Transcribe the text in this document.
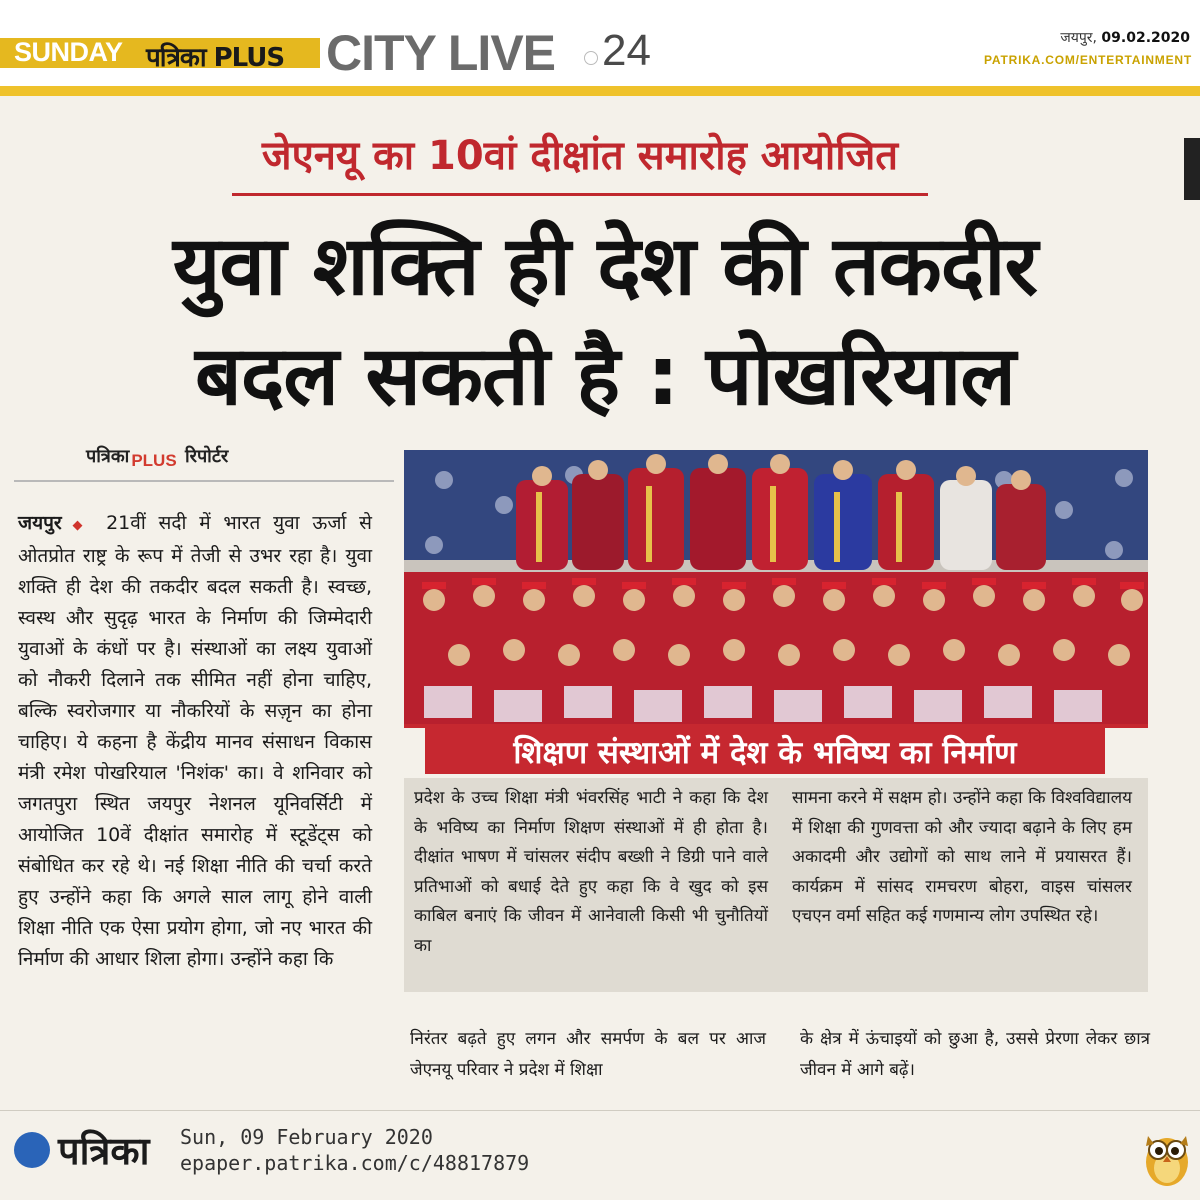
SUNDAY पत्रिका PLUS CITY LIVE 24	जयपुर, 09.02.2020
PATRIKA.COM/ENTERTAINMENT
जेएनयू का 10वां दीक्षांत समारोह आयोजित
युवा शक्ति ही देश की तकदीर
बदल सकती है : पोखरियाल
पत्रिका PLUS रिपोर्टर
जयपुर ◆ 21वीं सदी में भारत युवा ऊर्जा से ओतप्रोत राष्ट्र के रूप में तेजी से उभर रहा है। युवा शक्ति ही देश की तकदीर बदल सकती है। स्वच्छ, स्वस्थ और सुदृढ़ भारत के निर्माण की जिम्मेदारी युवाओं के कंधों पर है। संस्थाओं का लक्ष्य युवाओं को नौकरी दिलाने तक सीमित नहीं होना चाहिए, बल्कि स्वरोजगार या नौकरियों के सज़ृन का होना चाहिए। ये कहना है केंद्रीय मानव संसाधन विकास मंत्री रमेश पोखरियाल 'निशंक' का। वे शनिवार को जगतपुरा स्थित जयपुर नेशनल यूनिवर्सिटी में आयोजित 10वें दीक्षांत समारोह में स्टूडेंट्स को संबोधित कर रहे थे। नई शिक्षा नीति की चर्चा करते हुए उन्होंने कहा कि अगले साल लागू होने वाली शिक्षा नीति एक ऐसा प्रयोग होगा, जो नए भारत की निर्माण की आधार शिला होगा। उन्होंने कहा कि
शिक्षण संस्थाओं में देश के भविष्य का निर्माण
प्रदेश के उच्च शिक्षा मंत्री भंवरसिंह भाटी ने कहा कि देश के भविष्य का निर्माण शिक्षण संस्थाओं में ही होता है। दीक्षांत भाषण में चांसलर संदीप बख्शी ने डिग्री पाने वाले प्रतिभाओं को बधाई देते हुए कहा कि वे खुद को इस काबिल बनाएं कि जीवन में आनेवाली किसी भी चुनौतियों का
सामना करने में सक्षम हो। उन्होंने कहा कि विश्वविद्यालय में शिक्षा की गुणवत्ता को और ज्यादा बढ़ाने के लिए हम अकादमी और उद्योगों को साथ लाने में प्रयासरत हैं। कार्यक्रम में सांसद रामचरण बोहरा, वाइस चांसलर एचएन वर्मा सहित कई गणमान्य लोग उपस्थित रहे।
निरंतर बढ़ते हुए लगन और समर्पण के बल पर आज जेएनयू परिवार ने प्रदेश में शिक्षा
के क्षेत्र में ऊंचाइयों को छुआ है, उससे प्रेरणा लेकर छात्र जीवन में आगे बढ़ें।
पत्रिका Sun, 09 February 2020
epaper.patrika.com/c/48817879
